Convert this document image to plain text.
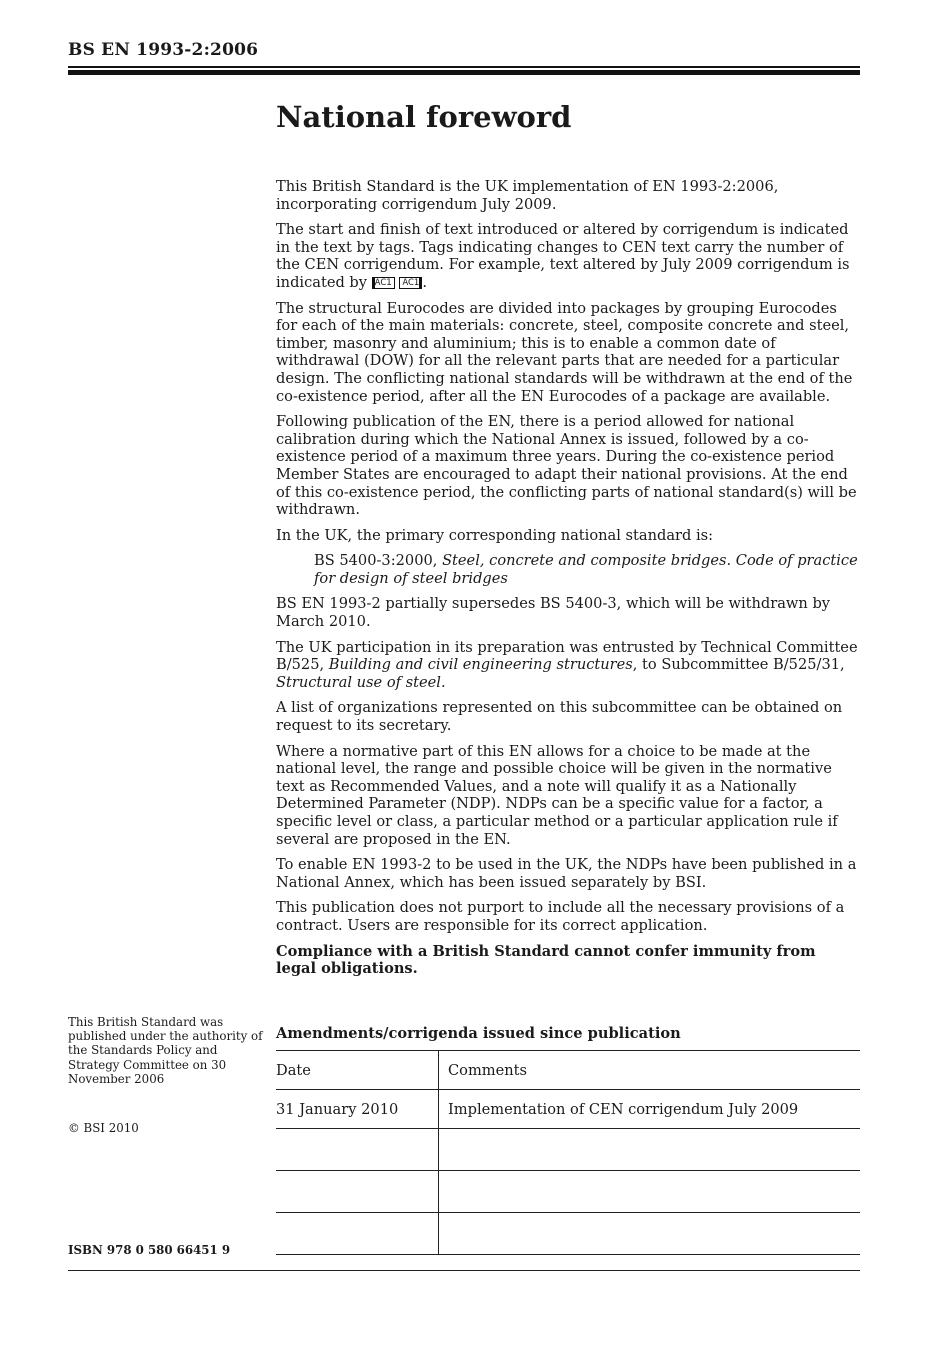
BS EN 1993-2:2006
National foreword

This British Standard is the UK implementation of EN 1993-2:2006, incorporating corrigendum July 2009.

The start and finish of text introduced or altered by corrigendum is indicated in the text by tags. Tags indicating changes to CEN text carry the number of the CEN corrigendum. For example, text altered by July 2009 corrigendum is indicated by AC1 AC1 .

The structural Eurocodes are divided into packages by grouping Eurocodes for each of the main materials: concrete, steel, composite concrete and steel, timber, masonry and aluminium; this is to enable a common date of withdrawal (DOW) for all the relevant parts that are needed for a particular design. The conflicting national standards will be withdrawn at the end of the co-existence period, after all the EN Eurocodes of a package are available.

Following publication of the EN, there is a period allowed for national calibration during which the National Annex is issued, followed by a co-existence period of a maximum three years. During the co-existence period Member States are encouraged to adapt their national provisions. At the end of this co-existence period, the conflicting parts of national standard(s) will be withdrawn.

In the UK, the primary corresponding national standard is:

BS 5400-3:2000, Steel, concrete and composite bridges. Code of practice for design of steel bridges

BS EN 1993-2 partially supersedes BS 5400-3, which will be withdrawn by March 2010.

The UK participation in its preparation was entrusted by Technical Committee B/525, Building and civil engineering structures, to Subcommittee B/525/31, Structural use of steel.

A list of organizations represented on this subcommittee can be obtained on request to its secretary.

Where a normative part of this EN allows for a choice to be made at the national level, the range and possible choice will be given in the normative text as Recommended Values, and a note will qualify it as a Nationally Determined Parameter (NDP). NDPs can be a specific value for a factor, a specific level or class, a particular method or a particular application rule if several are proposed in the EN.

To enable EN 1993-2 to be used in the UK, the NDPs have been published in a National Annex, which has been issued separately by BSI.

This publication does not purport to include all the necessary provisions of a contract. Users are responsible for its correct application.

Compliance with a British Standard cannot confer immunity from legal obligations.

This British Standard was published under the authority of the Standards Policy and Strategy Committee on 30 November 2006

© BSI 2010
ISBN 978 0 580 66451 9
Amendments/corrigenda issued since publication
Date	Comments
31 January 2010	Implementation of CEN corrigendum July 2009
